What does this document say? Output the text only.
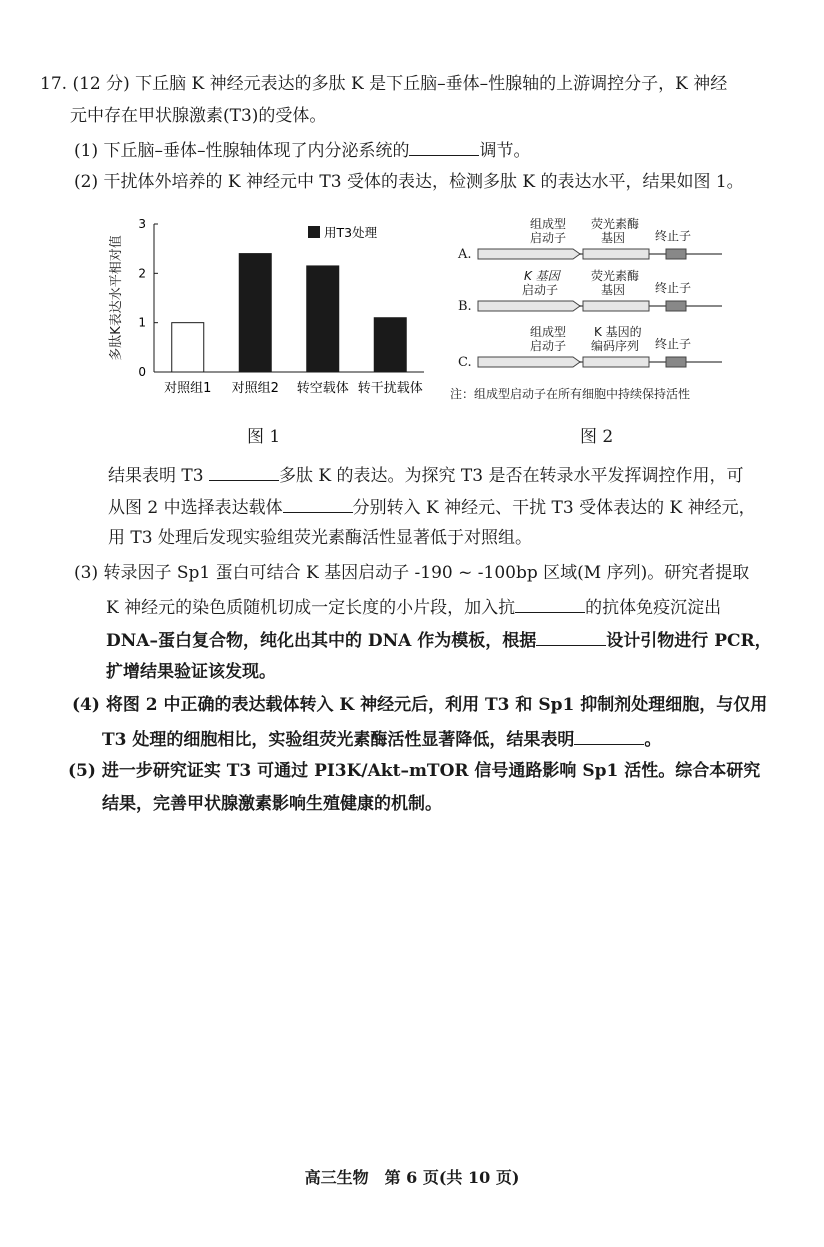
17. (12 分) 下丘脑 K 神经元表达的多肽 K 是下丘脑–垂体–性腺轴的上游调控分子，K 神经
元中存在甲状腺激素(T3)的受体。
(1) 下丘脑–垂体–性腺轴体现了内分泌系统的	调节。
(2) 干扰体外培养的 K 神经元中 T3 受体的表达，检测多肽 K 的表达水平，结果如图 1。
多肽K表达水平相对值
0
1
2
3
对照组1 对照组2 转空载体 转干扰载体
用T3处理
图 1
组成型
启动子
荧光素酶
基因 终止子
A.
K 基因
启动子
荧光素酶
基因 终止子
B.
组成型
启动子
K 基因的
编码序列 终止子
C.
注：组成型启动子在所有细胞中持续保持活性
图 2
结果表明 T3	多肽 K 的表达。为探究 T3 是否在转录水平发挥调控作用，可
从图 2 中选择表达载体	分别转入 K 神经元、干扰 T3 受体表达的 K 神经元，
用 T3 处理后发现实验组荧光素酶活性显著低于对照组。
(3) 转录因子 Sp1 蛋白可结合 K 基因启动子 -190 ~ -100bp 区域(M 序列)。研究者提取
K 神经元的染色质随机切成一定长度的小片段，加入抗	的抗体免疫沉淀出
DNA–蛋白复合物，纯化出其中的 DNA 作为模板，根据	设计引物进行 PCR，
扩增结果验证该发现。
(4) 将图 2 中正确的表达载体转入 K 神经元后，利用 T3 和 Sp1 抑制剂处理细胞，与仅用
T3 处理的细胞相比，实验组荧光素酶活性显著降低，结果表明	。
(5) 进一步研究证实 T3 可通过 PI3K/Akt–mTOR 信号通路影响 Sp1 活性。综合本研究
结果，完善甲状腺激素影响生殖健康的机制。
高三生物　第 6 页(共 10 页)
